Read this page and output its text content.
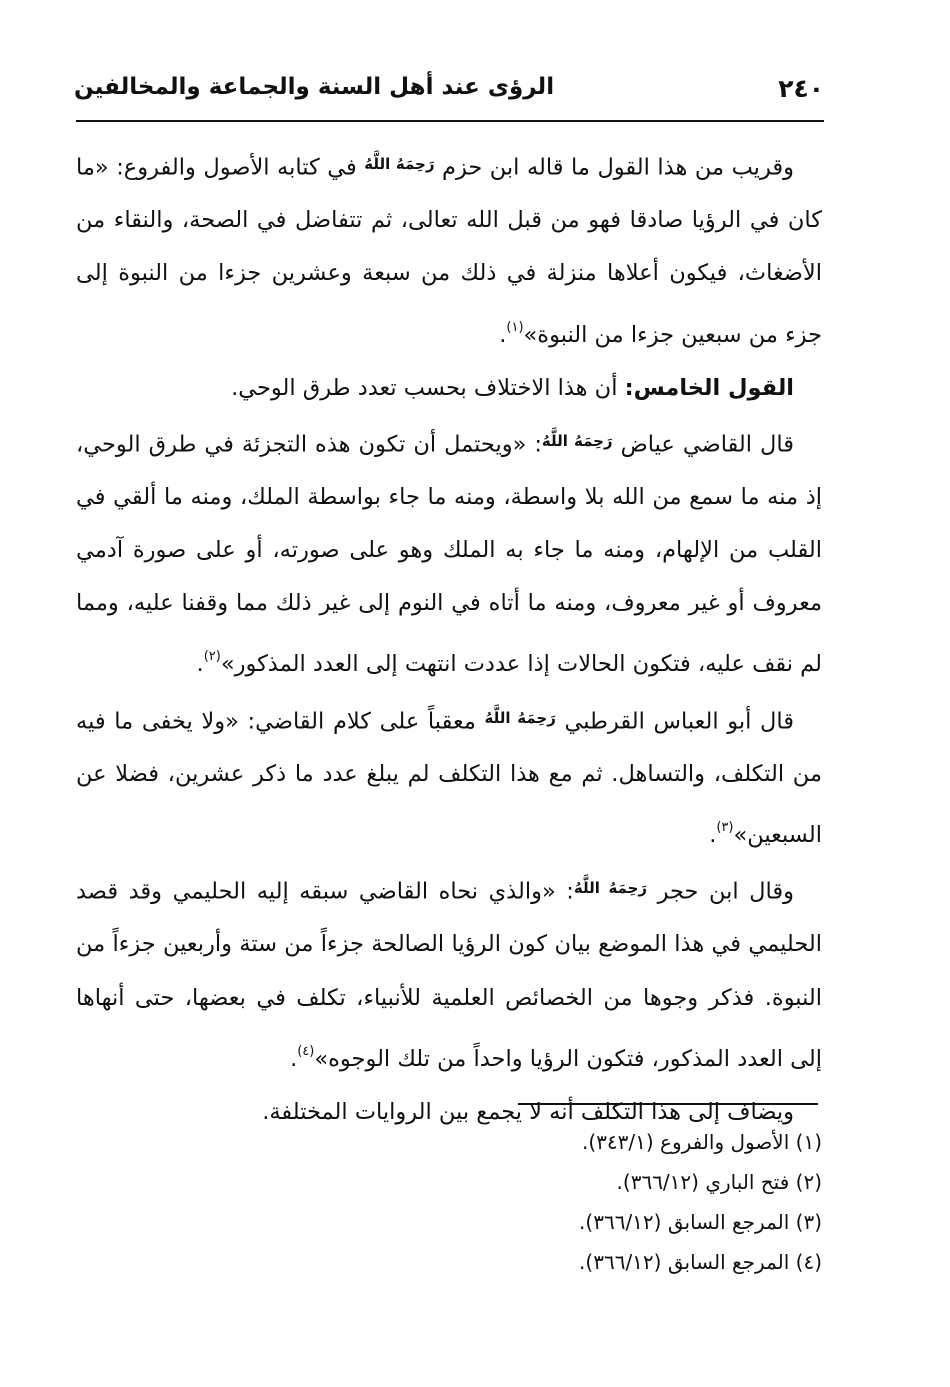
٢٤٠
الرؤى عند أهل السنة والجماعة والمخالفين

وقريب من هذا القول ما قاله ابن حزم $^{رَحِمَهُ اللَّهُ}$ في كتابه الأصول والفروع: «ما كان في الرؤيا صادقا فهو من قبل الله تعالى، ثم تتفاضل في الصحة، والنقاء من الأضغاث، فيكون أعلاها منزلة في ذلك من سبعة وعشرين جزءا من النبوة إلى جزء من سبعين جزءا من النبوة»$^{(١)}$.

القول الخامس: أن هذا الاختلاف بحسب تعدد طرق الوحي.

قال القاضي عياض $^{رَحِمَهُ اللَّهُ}$: «ويحتمل أن تكون هذه التجزئة في طرق الوحي، إذ منه ما سمع من الله بلا واسطة، ومنه ما جاء بواسطة الملك، ومنه ما ألقي في القلب من الإلهام، ومنه ما جاء به الملك وهو على صورته، أو على صورة آدمي معروف أو غير معروف، ومنه ما أتاه في النوم إلى غير ذلك مما وقفنا عليه، ومما لم نقف عليه، فتكون الحالات إذا عددت انتهت إلى العدد المذكور»$^{(٢)}$.

قال أبو العباس القرطبي $^{رَحِمَهُ اللَّهُ}$ معقباً على كلام القاضي: «ولا يخفى ما فيه من التكلف، والتساهل. ثم مع هذا التكلف لم يبلغ عدد ما ذكر عشرين، فضلا عن السبعين»$^{(٣)}$.

وقال ابن حجر $^{رَحِمَهُ اللَّهُ}$: «والذي نحاه القاضي سبقه إليه الحليمي وقد قصد الحليمي في هذا الموضع بيان كون الرؤيا الصالحة جزءاً من ستة وأربعين جزءاً من النبوة. فذكر وجوها من الخصائص العلمية للأنبياء، تكلف في بعضها، حتى أنهاها إلى العدد المذكور، فتكون الرؤيا واحداً من تلك الوجوه»$^{(٤)}$.

ويضاف إلى هذا التكلف أنه لا يجمع بين الروايات المختلفة.

(١) الأصول والفروع (٣٤٣/١).
(٢) فتح الباري (٣٦٦/١٢).
(٣) المرجع السابق (٣٦٦/١٢).
(٤) المرجع السابق (٣٦٦/١٢).
